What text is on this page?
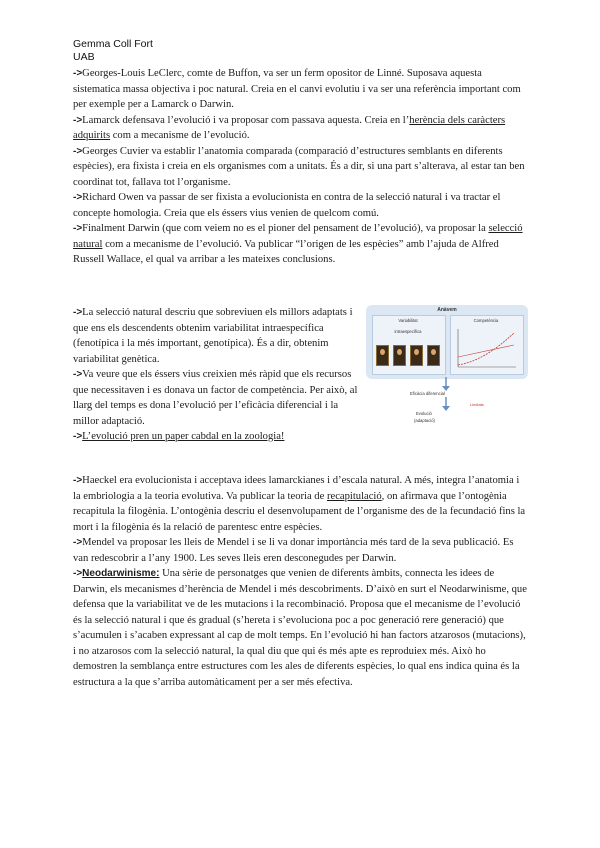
Gemma Coll Fort
UAB

->Georges-Louis LeClerc, comte de Buffon, va ser un ferm opositor de Linné. Suposava aquesta sistematica massa objectiva i poc natural. Creia en el canvi evolutiu i va ser una referència important com per exemple per a Lamarck o Darwin.

->Lamarck defensava l’evolució i va proposar com passava aquesta. Creia en l’herència dels caràcters adquirits com a mecanisme de l’evolució.

->Georges Cuvier va establir l’anatomia comparada (comparació d’estructures semblants en diferents espècies), era fixista i creia en els organismes com a unitats. És a dir, si una part s’alterava, al estar tan ben coordinat tot, fallava tot l’organisme.

->Richard Owen va passar de ser fixista a evolucionista en contra de la selecció natural i va tractar el concepte homologia. Creia que els éssers vius venien de quelcom comú.

->Finalment Darwin (que com veiem no es el pioner del pensament de l’evolució), va proposar la selecció natural com a mecanisme de l’evolució. Va publicar “l’origen de les espècies” amb l’ajuda de Alfred Russell Wallace, el qual va arribar a les mateixes conclusions.

->La selecció natural descriu que sobreviuen els millors adaptats i que ens els descendents obtenim variabilitat intraespecífica (fenotípica i la més important, genotípica). És a dir, obtenim variabilitat genètica.

->Va veure que els éssers vius creixien més ràpid que els recursos que necessitaven i es donava un factor de competència. Per això, al llarg del temps es dona l’evolució per l’eficàcia diferencial i la millor adaptació.

->L’evolució pren un paper cabdal en la zoologia!

Anàvem
Variabilitat
intraespecífica
Competència
Eficàcia diferencial
Limitats
Evolució
(adaptació)

->Haeckel era evolucionista i acceptava idees lamarckianes i d’escala natural. A més, integra l’anatomia i la embriologia a la teoria evolutiva. Va publicar la teoria de recapitulació, on afirmava que l’ontogènia recapitula la filogènia. L’ontogènia descriu el desenvolupament de l’organisme des de la fecundació fins la mort i la filogènia és la relació de parentesc entre espècies.

->Mendel va proposar les lleis de Mendel i se li va donar importància més tard de la seva publicació. Es van redescobrir a l’any 1900. Les seves lleis eren desconegudes per Darwin.

->Neodarwinisme: Una sèrie de personatges que venien de diferents àmbits, connecta les idees de Darwin, els mecanismes d’herència de Mendel i més descobriments. D’això en surt el Neodarwinisme, que defensa que la variabilitat ve de les mutacions i la recombinació. Proposa que el mecanisme de l’evolució és la selecció natural i que és gradual (s’hereta i s’evoluciona poc a poc generació rere generació) que s’acumulen i s’acaben expressant al cap de molt temps. En l’evolució hi han factors atzarosos (mutacions), i no atzarosos com la selecció natural, la qual diu que qui és més apte es reproduiex més. Això ho demostren la semblança entre estructures com les ales de diferents espècies, lo qual ens indica quina és la estructura a la que s’arriba automàticament per a ser més efectiva.
